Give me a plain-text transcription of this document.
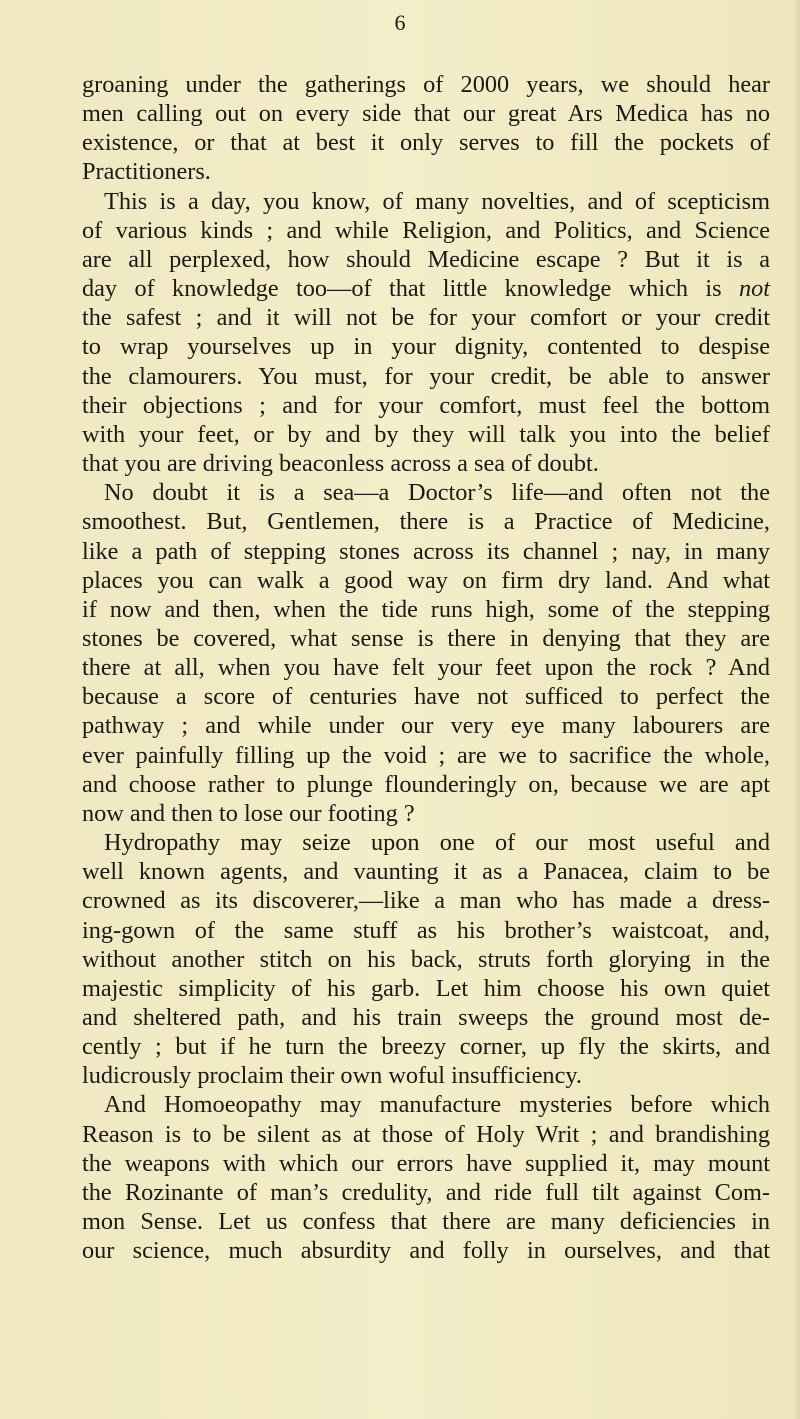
6

groaning under the gatherings of 2000 years, we should hear

men calling out on every side that our great Ars Medica has no

existence, or that at best it only serves to fill the pockets of

Practitioners.

This is a day, you know, of many novelties, and of scepticism

of various kinds ; and while Religion, and Politics, and Science

are all perplexed, how should Medicine escape ? But it is a

day of knowledge too—of that little knowledge which is not

the safest ; and it will not be for your comfort or your credit

to wrap yourselves up in your dignity, contented to despise

the clamourers. You must, for your credit, be able to answer

their objections ; and for your comfort, must feel the bottom

with your feet, or by and by they will talk you into the belief

that you are driving beaconless across a sea of doubt.

No doubt it is a sea—a Doctor’s life—and often not the

smoothest. But, Gentlemen, there is a Practice of Medicine,

like a path of stepping stones across its channel ; nay, in many

places you can walk a good way on firm dry land. And what

if now and then, when the tide runs high, some of the stepping

stones be covered, what sense is there in denying that they are

there at all, when you have felt your feet upon the rock ? And

because a score of centuries have not sufficed to perfect the

pathway ; and while under our very eye many labourers are

ever painfully filling up the void ; are we to sacrifice the whole,

and choose rather to plunge flounderingly on, because we are apt

now and then to lose our footing ?

Hydropathy may seize upon one of our most useful and

well known agents, and vaunting it as a Panacea, claim to be

crowned as its discoverer,—like a man who has made a dress-

ing-gown of the same stuff as his brother’s waistcoat, and,

without another stitch on his back, struts forth glorying in the

majestic simplicity of his garb. Let him choose his own quiet

and sheltered path, and his train sweeps the ground most de-

cently ; but if he turn the breezy corner, up fly the skirts, and

ludicrously proclaim their own woful insufficiency.

And Homoeopathy may manufacture mysteries before which

Reason is to be silent as at those of Holy Writ ; and brandishing

the weapons with which our errors have supplied it, may mount

the Rozinante of man’s credulity, and ride full tilt against Com-

mon Sense. Let us confess that there are many deficiencies in

our science, much absurdity and folly in ourselves, and that
